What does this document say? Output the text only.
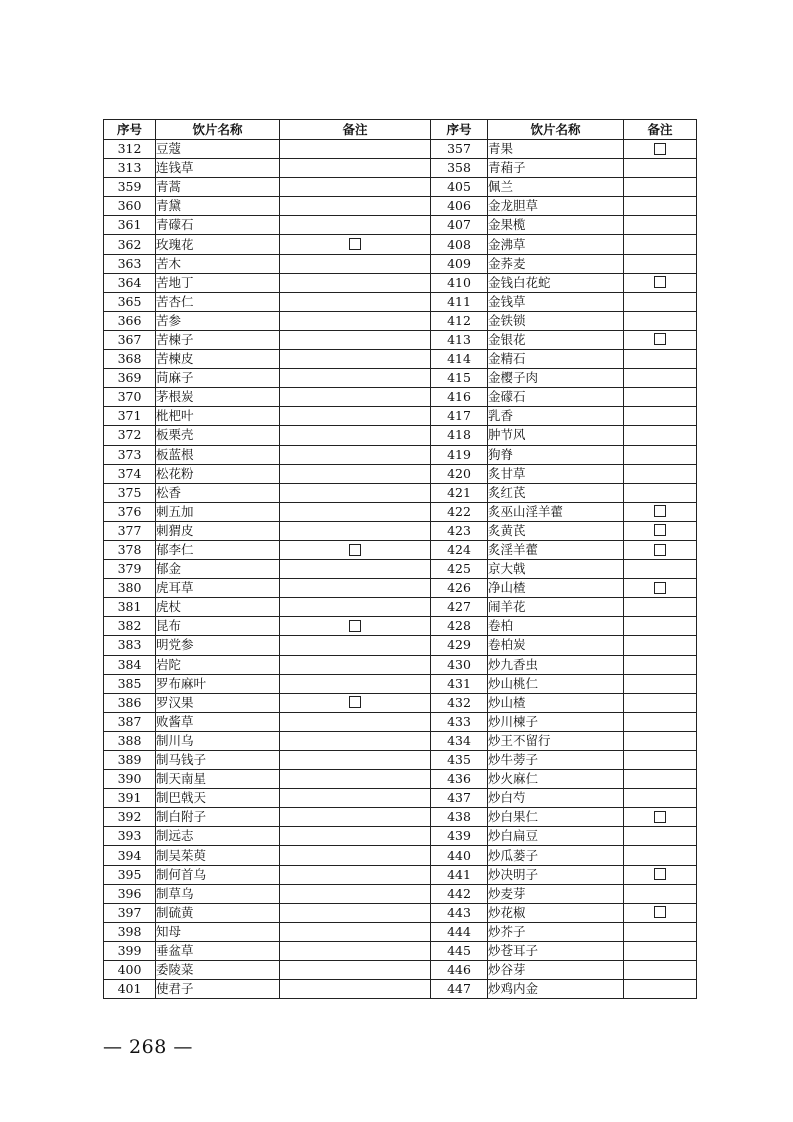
序号	饮片名称	备注	序号	饮片名称	备注
312	豆蔻		357	青果	
313	连钱草		358	青葙子	
359	青蒿		405	佩兰	
360	青黛		406	金龙胆草	
361	青礞石		407	金果榄	
362	玫瑰花		408	金沸草	
363	苦木		409	金荞麦	
364	苦地丁		410	金钱白花蛇	
365	苦杏仁		411	金钱草	
366	苦参		412	金铁锁	
367	苦楝子		413	金银花	
368	苦楝皮		414	金精石	
369	苘麻子		415	金樱子肉	
370	茅根炭		416	金礞石	
371	枇杷叶		417	乳香	
372	板栗壳		418	肿节风	
373	板蓝根		419	狗脊	
374	松花粉		420	炙甘草	
375	松香		421	炙红芪	
376	刺五加		422	炙巫山淫羊藿	
377	刺猬皮		423	炙黄芪	
378	郁李仁		424	炙淫羊藿	
379	郁金		425	京大戟	
380	虎耳草		426	净山楂	
381	虎杖		427	闹羊花	
382	昆布		428	卷柏	
383	明党参		429	卷柏炭	
384	岩陀		430	炒九香虫	
385	罗布麻叶		431	炒山桃仁	
386	罗汉果		432	炒山楂	
387	败酱草		433	炒川楝子	
388	制川乌		434	炒王不留行	
389	制马钱子		435	炒牛蒡子	
390	制天南星		436	炒火麻仁	
391	制巴戟天		437	炒白芍	
392	制白附子		438	炒白果仁	
393	制远志		439	炒白扁豆	
394	制吴茱萸		440	炒瓜蒌子	
395	制何首乌		441	炒决明子	
396	制草乌		442	炒麦芽	
397	制硫黄		443	炒花椒	
398	知母		444	炒芥子	
399	垂盆草		445	炒苍耳子	
400	委陵菜		446	炒谷芽	
401	使君子		447	炒鸡内金	
— 268 —
